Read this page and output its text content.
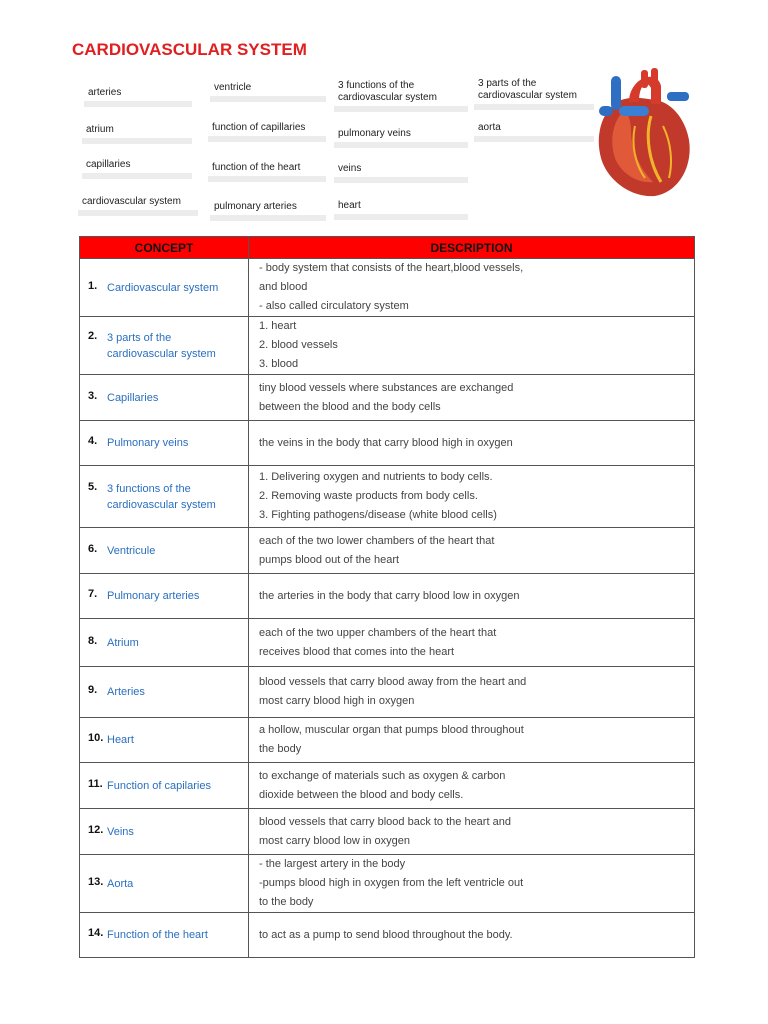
CARDIOVASCULAR SYSTEM
arteries
atrium
capillaries
cardiovascular system
ventricle
function of capillaries
function of the heart
pulmonary arteries
3 functions of the
cardiovascular system
pulmonary veins
veins
heart
3 parts of the
cardiovascular system
aorta
CONCEPT	DESCRIPTION
1. Cardiovascular system	- body system that consists of the heart,blood vessels,
and blood
- also called circulatory system

2. 3 parts of the cardiovascular system	1. heart
2. blood vessels
3. blood

3. Capillaries	tiny blood vessels where substances are exchanged
between the blood and the body cells

4. Pulmonary veins	the veins in the body that carry blood high in oxygen

5. 3 functions of the cardiovascular system	1. Delivering oxygen and nutrients to body cells.
2. Removing waste products from body cells.
3. Fighting pathogens/disease (white blood cells)

6. Ventricule	each of the two lower chambers of the heart that
pumps blood out of the heart

7. Pulmonary arteries	the arteries in the body that carry blood low in oxygen

8. Atrium	each of the two upper chambers of the heart that
receives blood that comes into the heart

9. Arteries	blood vessels that carry blood away from the heart and
most carry blood high in oxygen

10. Heart	a hollow, muscular organ that pumps blood throughout
the body

11. Function of capilaries	to exchange of materials such as oxygen & carbon
dioxide between the blood and body cells.

12. Veins	blood vessels that carry blood back to the heart and
most carry blood low in oxygen

13. Aorta	- the largest artery in the body
-pumps blood high in oxygen from the left ventricle out
to the body

14. Function of the heart	to act as a pump to send blood throughout the body.
